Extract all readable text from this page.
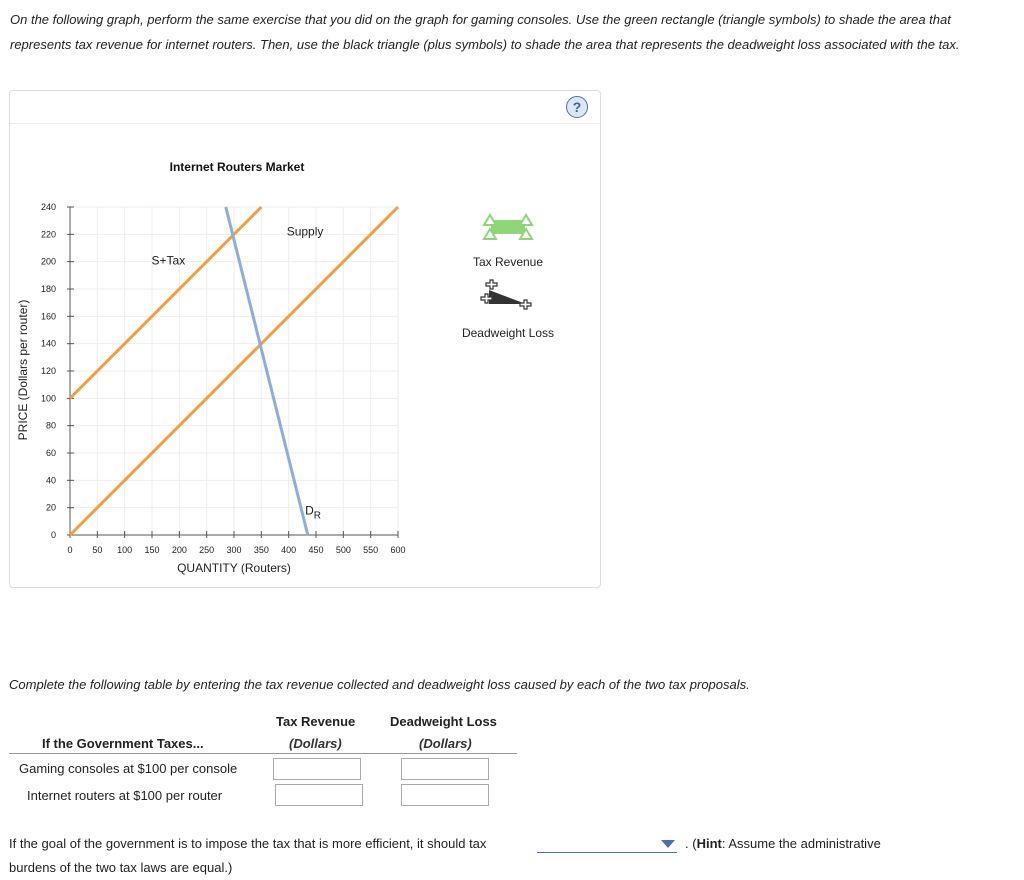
On the following graph, perform the same exercise that you did on the graph for gaming consoles. Use the green rectangle (triangle symbols) to shade the area that represents tax revenue for internet routers. Then, use the black triangle (plus symbols) to shade the area that represents the deadweight loss associated with the tax.

?
Internet Routers Market
0 50 100 150 200 250 300 350 400 450 500 550 600
0
20
40
60
80
100
120
140
160
180
200
220
240
Supply
S+Tax
$D_R$
QUANTITY (Routers)
PRICE (Dollars per router)
Tax Revenue
Deadweight Loss

Complete the following table by entering the tax revenue collected and deadweight loss caused by each of the two tax proposals.

Tax Revenue
(Dollars)
Deadweight Loss
(Dollars)
If the Government Taxes...
Gaming consoles at $100 per console
Internet routers at $100 per router
If the goal of the government is to impose the tax that is more efficient, it should tax	. (Hint: Assume the administrative
burdens of the two tax laws are equal.)
